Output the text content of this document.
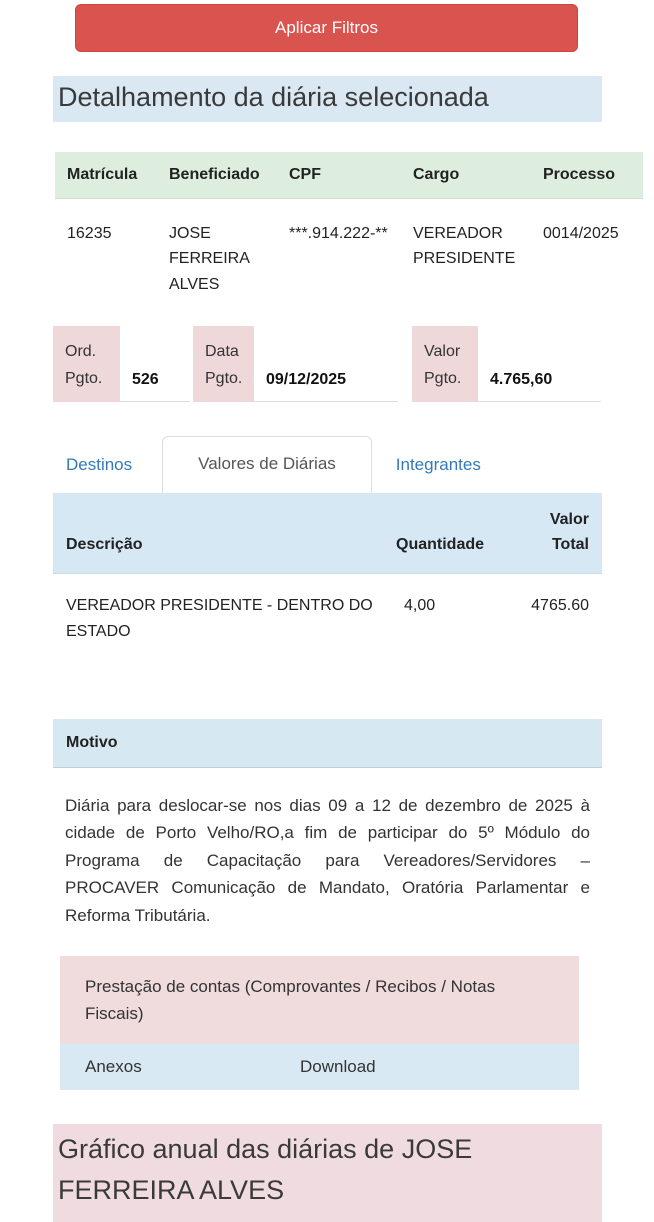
Aplicar Filtros
Detalhamento da diária selecionada
Matrícula	Beneficiado	CPF	Cargo	Processo
16235	JOSE FERREIRA ALVES	***.914.222-**	VEREADOR PRESIDENTE	0014/2025
Ord. Pgto.	526
Data Pgto.	09/12/2025
Valor Pgto.	4.765,60
Destinos	Valores de Diárias	Integrantes
Descrição	Quantidade	Valor Total
VEREADOR PRESIDENTE - DENTRO DO ESTADO	4,00	4765.60
Motivo

Diária para deslocar-se nos dias 09 a 12 de dezembro de 2025 à cidade de Porto Velho/RO,a fim de participar do 5º Módulo do Programa de Capacitação para Vereadores/Servidores – PROCAVER Comunicação de Mandato, Oratória Parlamentar e Reforma Tributária.

Prestação de contas (Comprovantes / Recibos / Notas Fiscais)
Anexos	Download
Gráfico anual das diárias de JOSE FERREIRA ALVES
